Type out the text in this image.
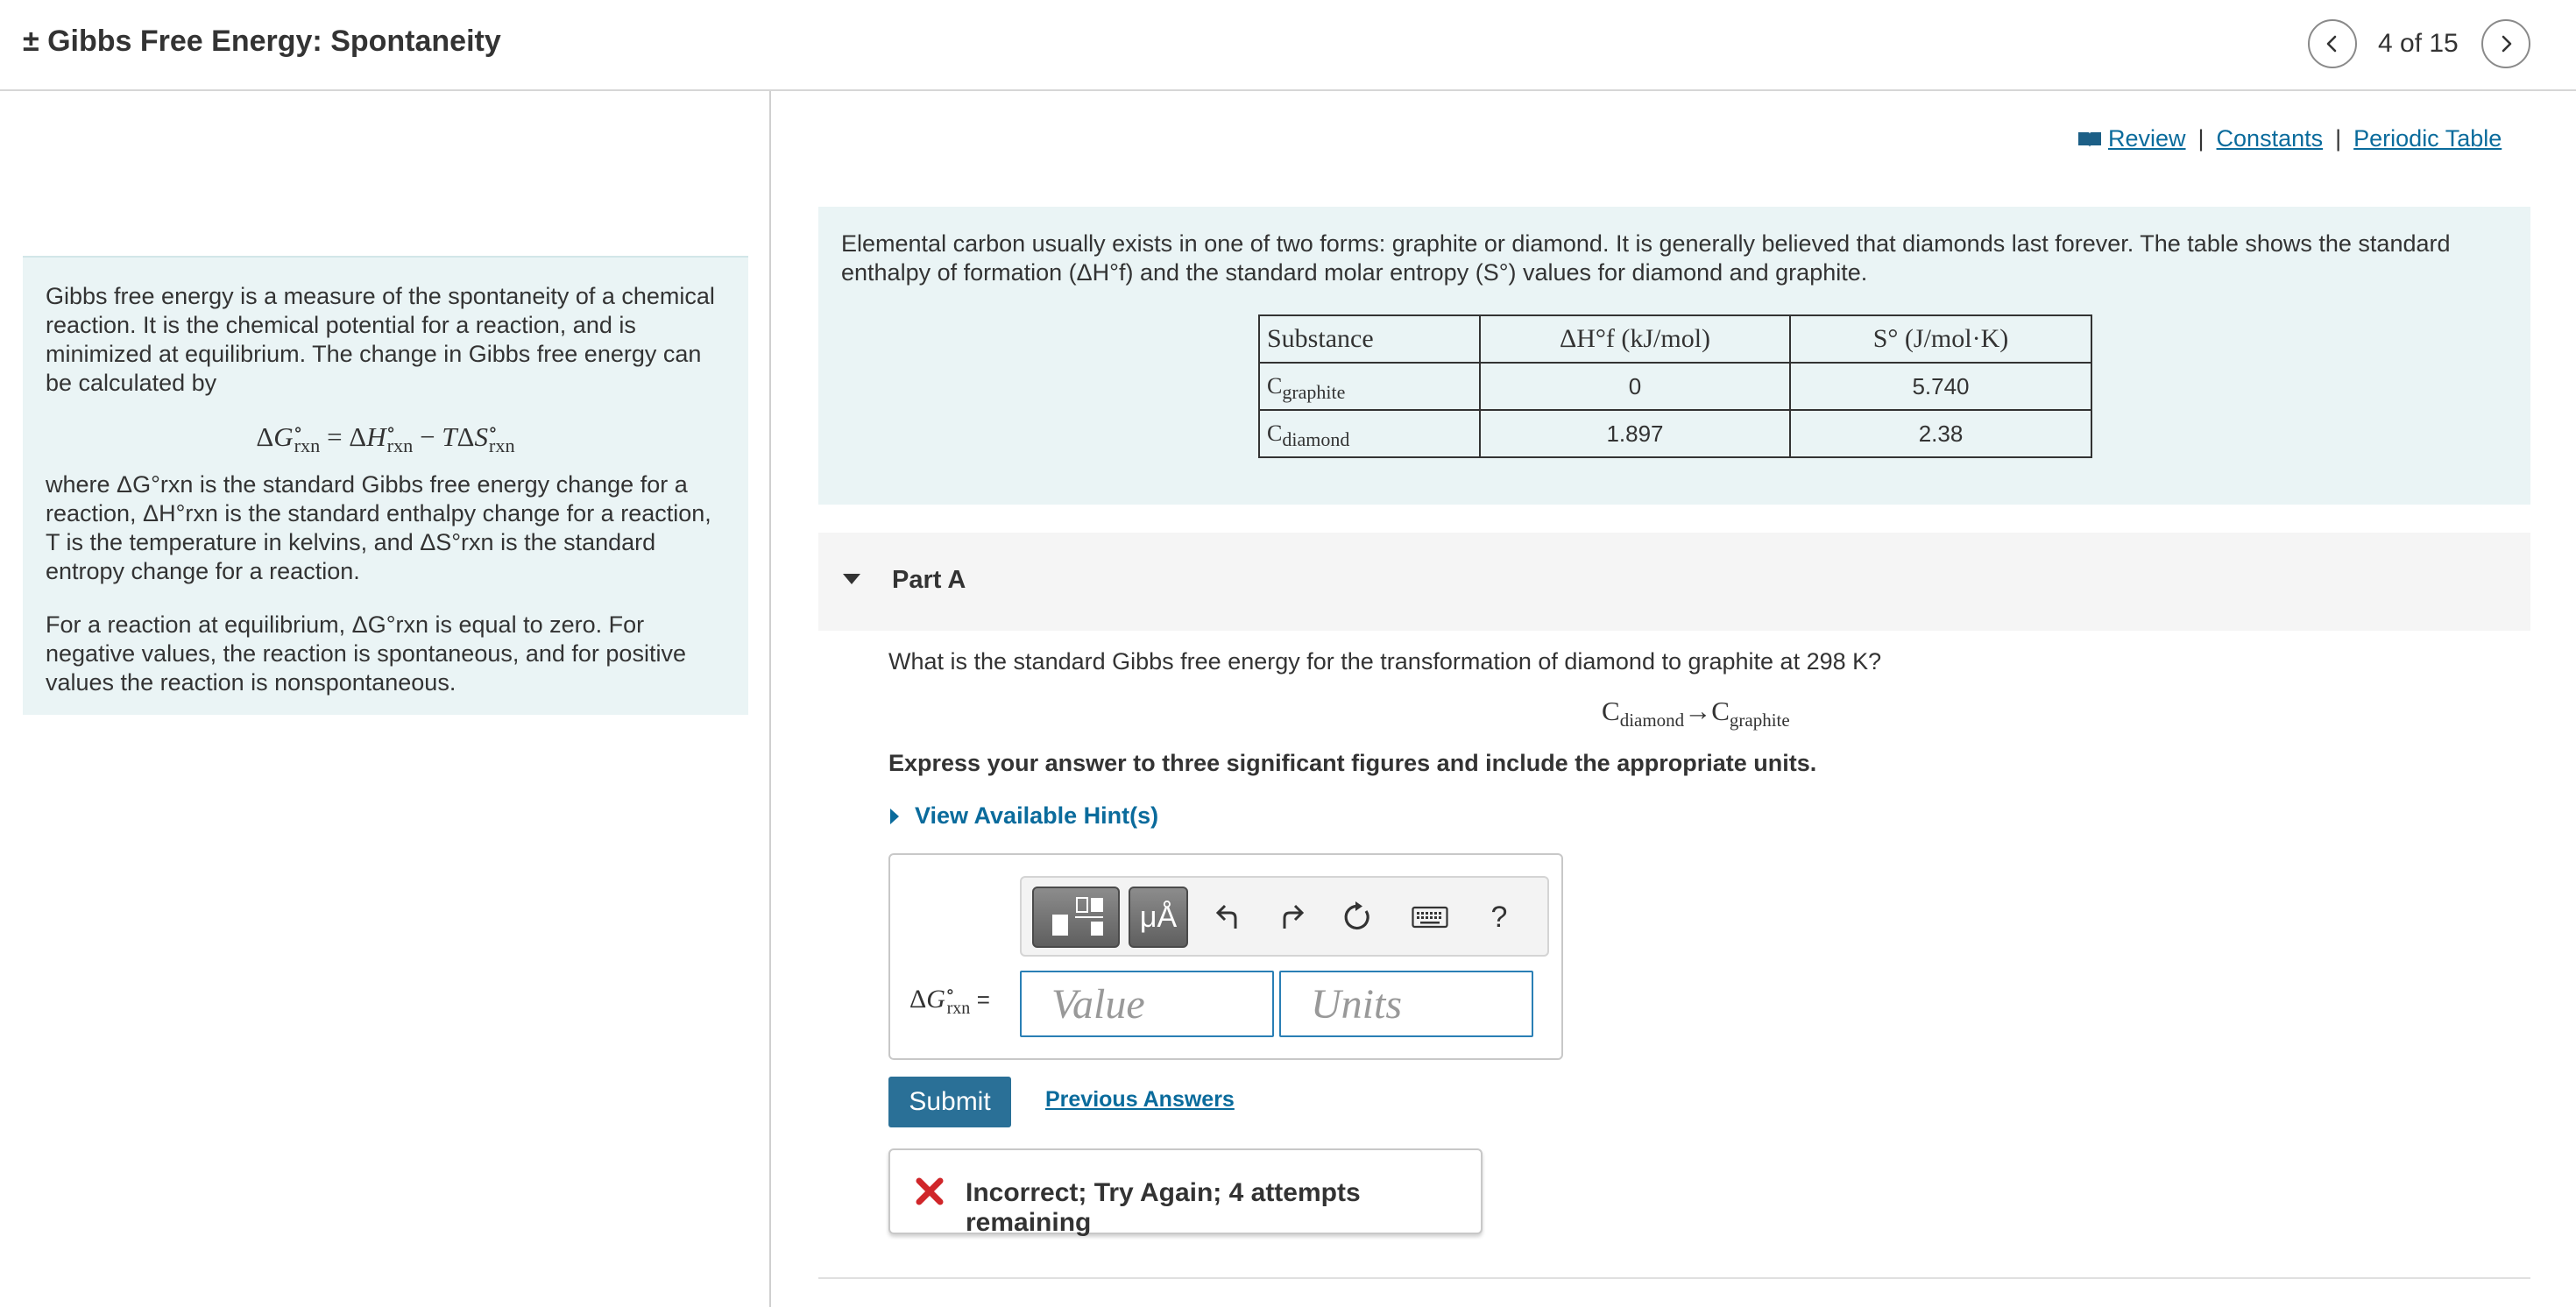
± Gibbs Free Energy: Spontaneity	4 of 15

Gibbs free energy is a measure of the spontaneity of a chemical reaction. It is the chemical potential for a reaction, and is minimized at equilibrium. The change in Gibbs free energy can be calculated by

$\Delta G^\circ_{rxn} = \Delta H^\circ_{rxn} - T\Delta S^\circ_{rxn}$

where ΔG°rxn is the standard Gibbs free energy change for a reaction, ΔH°rxn is the standard enthalpy change for a reaction, T is the temperature in kelvins, and ΔS°rxn is the standard entropy change for a reaction.

For a reaction at equilibrium, ΔG°rxn is equal to zero. For negative values, the reaction is spontaneous, and for positive values the reaction is nonspontaneous.

Review | Constants | Periodic Table

Elemental carbon usually exists in one of two forms: graphite or diamond. It is generally believed that diamonds last forever. The table shows the standard enthalpy of formation (ΔH°f) and the standard molar entropy (S°) values for diamond and graphite.

Substance	ΔH°f (kJ/mol)	S° (J/mol·K)
$C_{graphite}$	0	5.740
$C_{diamond}$	1.897	2.38
Part A
What is the standard Gibbs free energy for the transformation of diamond to graphite at 298 K?
$C_{diamond}\to C_{graphite}$
Express your answer to three significant figures and include the appropriate units.
View Available Hint(s)
μÅ	?
$\Delta G^\circ_{rxn}$ =
Value
Units
Submit	Previous Answers
Incorrect; Try Again; 4 attempts remaining
